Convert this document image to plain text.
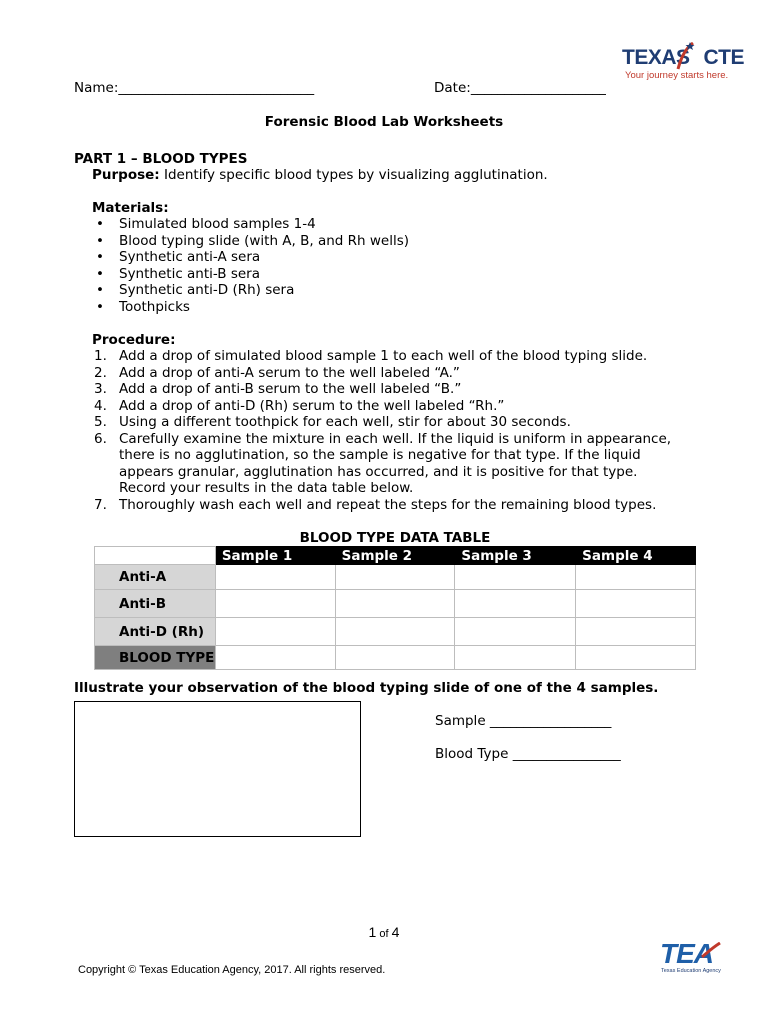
TEXAS CTE
Your journey starts here.
Name:_____________________________	Date:____________________
Forensic Blood Lab Worksheets
PART 1 – BLOOD TYPES
Purpose: Identify specific blood types by visualizing agglutination.
Materials:
• Simulated blood samples 1-4
• Blood typing slide (with A, B, and Rh wells)
• Synthetic anti-A sera
• Synthetic anti-B sera
• Synthetic anti-D (Rh) sera
• Toothpicks
Procedure:
1. Add a drop of simulated blood sample 1 to each well of the blood typing slide.
2. Add a drop of anti-A serum to the well labeled “A.”
3. Add a drop of anti-B serum to the well labeled “B.”
4. Add a drop of anti-D (Rh) serum to the well labeled “Rh.”
5. Using a different toothpick for each well, stir for about 30 seconds.
6. Carefully examine the mixture in each well. If the liquid is uniform in appearance,
there is no agglutination, so the sample is negative for that type. If the liquid
appears granular, agglutination has occurred, and it is positive for that type.
Record your results in the data table below.
7. Thoroughly wash each well and repeat the steps for the remaining blood types.
BLOOD TYPE DATA TABLE
	Sample 1	Sample 2	Sample 3	Sample 4
Anti-A				
Anti-B				
Anti-D (Rh)				
BLOOD TYPE				
Illustrate your observation of the blood typing slide of one of the 4 samples.
Sample __________________
Blood Type ________________
1 of 4
Copyright © Texas Education Agency, 2017. All rights reserved.
TEA
Texas Education Agency
